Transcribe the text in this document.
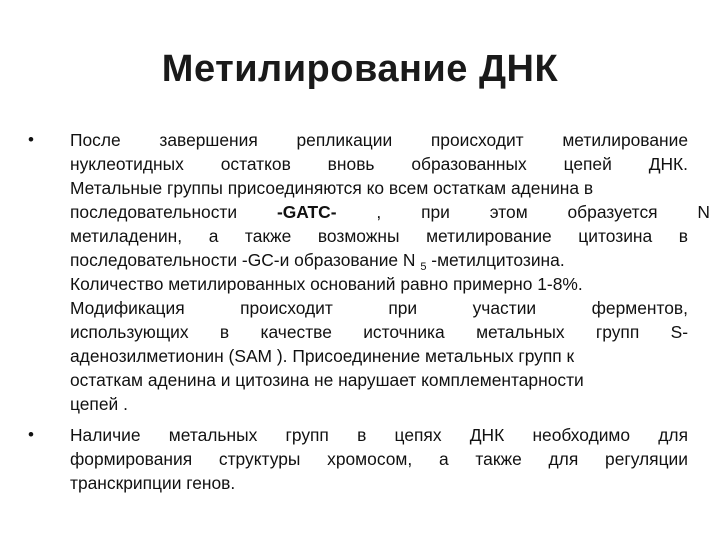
Метилирование ДНК
• После завершения репликации происходит метилирование
нуклеотидных остатков вновь образованных цепей ДНК.
Метальные группы присоединяются ко всем остаткам аденина в
последовательности -GATC- , при этом образуется N
метиладенин, а также возможны метилирование цитозина в
последовательности -GC-и образование N $_5$ -метилцитозина.
Количество метилированных оснований равно примерно 1-8%.
Модификация происходит при участии ферментов,
использующих в качестве источника метальных групп S-
аденозилметионин (SAM ). Присоединение метальных групп к
остаткам аденина и цитозина не нарушает комплементарности
цепей .
• Наличие метальных групп в цепях ДНК необходимо для
формирования структуры хромосом, а также для регуляции
транскрипции генов.
